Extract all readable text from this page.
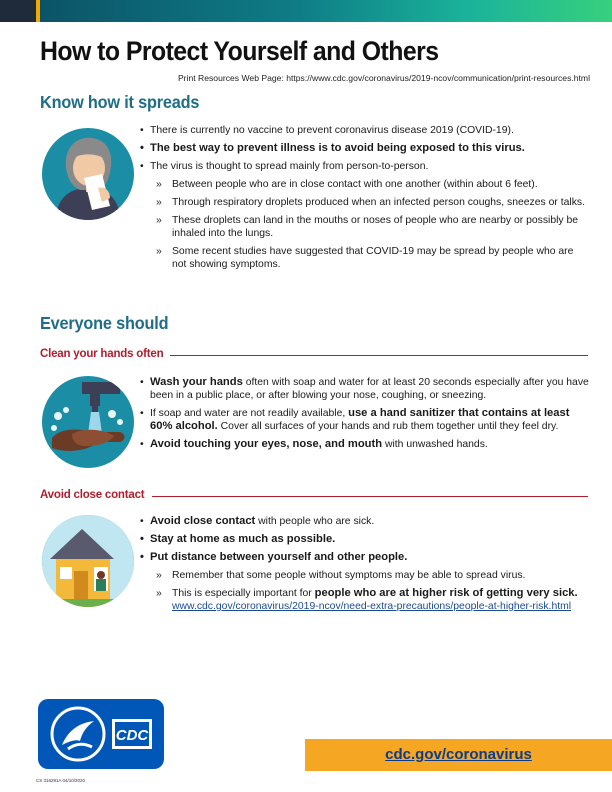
How to Protect Yourself and Others
Print Resources Web Page: https://www.cdc.gov/coronavirus/2019-ncov/communication/print-resources.html
Know how it spreads
• There is currently no vaccine to prevent coronavirus disease 2019 (COVID-19).
• The best way to prevent illness is to avoid being exposed to this virus.
• The virus is thought to spread mainly from person-to-person.
» Between people who are in close contact with one another (within about 6 feet).
» Through respiratory droplets produced when an infected person coughs, sneezes or talks.
» These droplets can land in the mouths or noses of people who are nearby or possibly be inhaled into the lungs.
» Some recent studies have suggested that COVID-19 may be spread by people who are not showing symptoms.
Everyone should
Clean your hands often
• Wash your hands often with soap and water for at least 20 seconds especially after you have been in a public place, or after blowing your nose, coughing, or sneezing.
• If soap and water are not readily available, use a hand sanitizer that contains at least 60% alcohol. Cover all surfaces of your hands and rub them together until they feel dry.
• Avoid touching your eyes, nose, and mouth with unwashed hands.
Avoid close contact
• Avoid close contact with people who are sick.
• Stay at home as much as possible.
• Put distance between yourself and other people.
» Remember that some people without symptoms may be able to spread virus.
» This is especially important for people who are at higher risk of getting very sick. www.cdc.gov/coronavirus/2019-ncov/need-extra-precautions/people-at-higher-risk.html
CDC
cdc.gov/coronavirus
CS 316291A 04/10/2020
